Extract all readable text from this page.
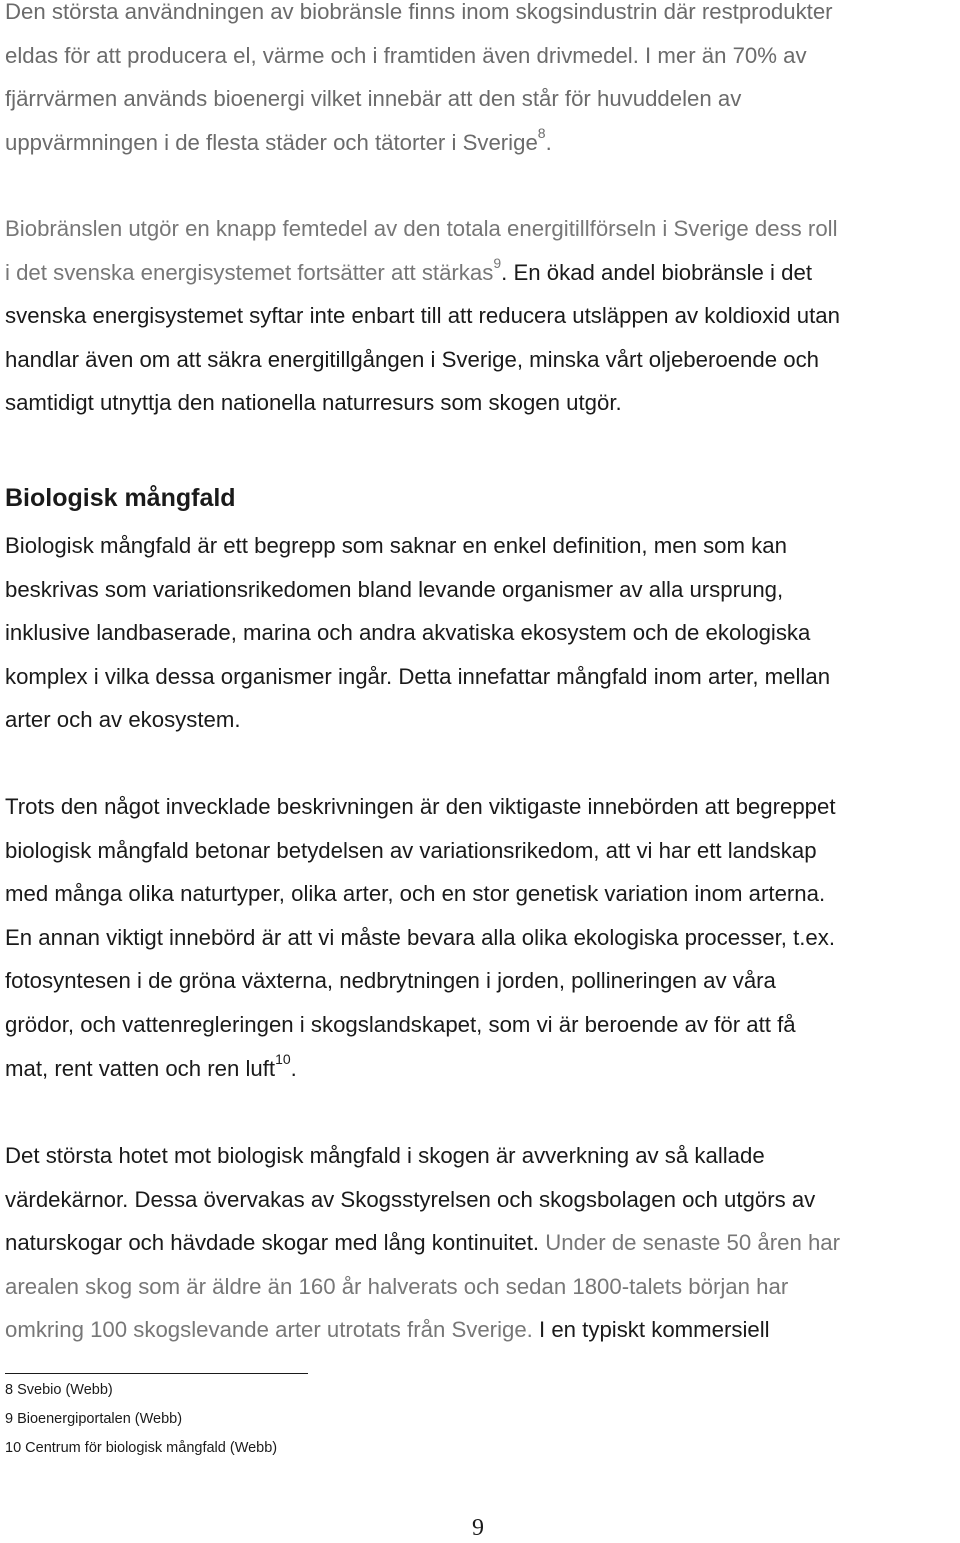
Den största användningen av biobränsle finns inom skogsindustrin där restprodukter
eldas för att producera el, värme och i framtiden även drivmedel. I mer än 70% av
fjärrvärmen används bioenergi vilket innebär att den står för huvuddelen av
uppvärmningen i de flesta städer och tätorter i Sverige$^8$.
Biobränslen utgör en knapp femtedel av den totala energitillförseln i Sverige dess roll
i det svenska energisystemet fortsätter att stärkas$^9$. En ökad andel biobränsle i det
svenska energisystemet syftar inte enbart till att reducera utsläppen av koldioxid utan
handlar även om att säkra energitillgången i Sverige, minska vårt oljeberoende och
samtidigt utnyttja den nationella naturresurs som skogen utgör.
Biologisk mångfald
Biologisk mångfald är ett begrepp som saknar en enkel definition, men som kan
beskrivas som variationsrikedomen bland levande organismer av alla ursprung,
inklusive landbaserade, marina och andra akvatiska ekosystem och de ekologiska
komplex i vilka dessa organismer ingår. Detta innefattar mångfald inom arter, mellan
arter och av ekosystem.
Trots den något invecklade beskrivningen är den viktigaste innebörden att begreppet
biologisk mångfald betonar betydelsen av variationsrikedom, att vi har ett landskap
med många olika naturtyper, olika arter, och en stor genetisk variation inom arterna.
En annan viktigt innebörd är att vi måste bevara alla olika ekologiska processer, t.ex.
fotosyntesen i de gröna växterna, nedbrytningen i jorden, pollineringen av våra
grödor, och vattenregleringen i skogslandskapet, som vi är beroende av för att få
mat, rent vatten och ren luft$^{10}$.
Det största hotet mot biologisk mångfald i skogen är avverkning av så kallade
värdekärnor. Dessa övervakas av Skogsstyrelsen och skogsbolagen och utgörs av
naturskogar och hävdade skogar med lång kontinuitet. Under de senaste 50 åren har
arealen skog som är äldre än 160 år halverats och sedan 1800-talets början har
omkring 100 skogslevande arter utrotats från Sverige. I en typiskt kommersiell
8 Svebio (Webb)
9 Bioenergiportalen (Webb)
10 Centrum för biologisk mångfald (Webb)
9
